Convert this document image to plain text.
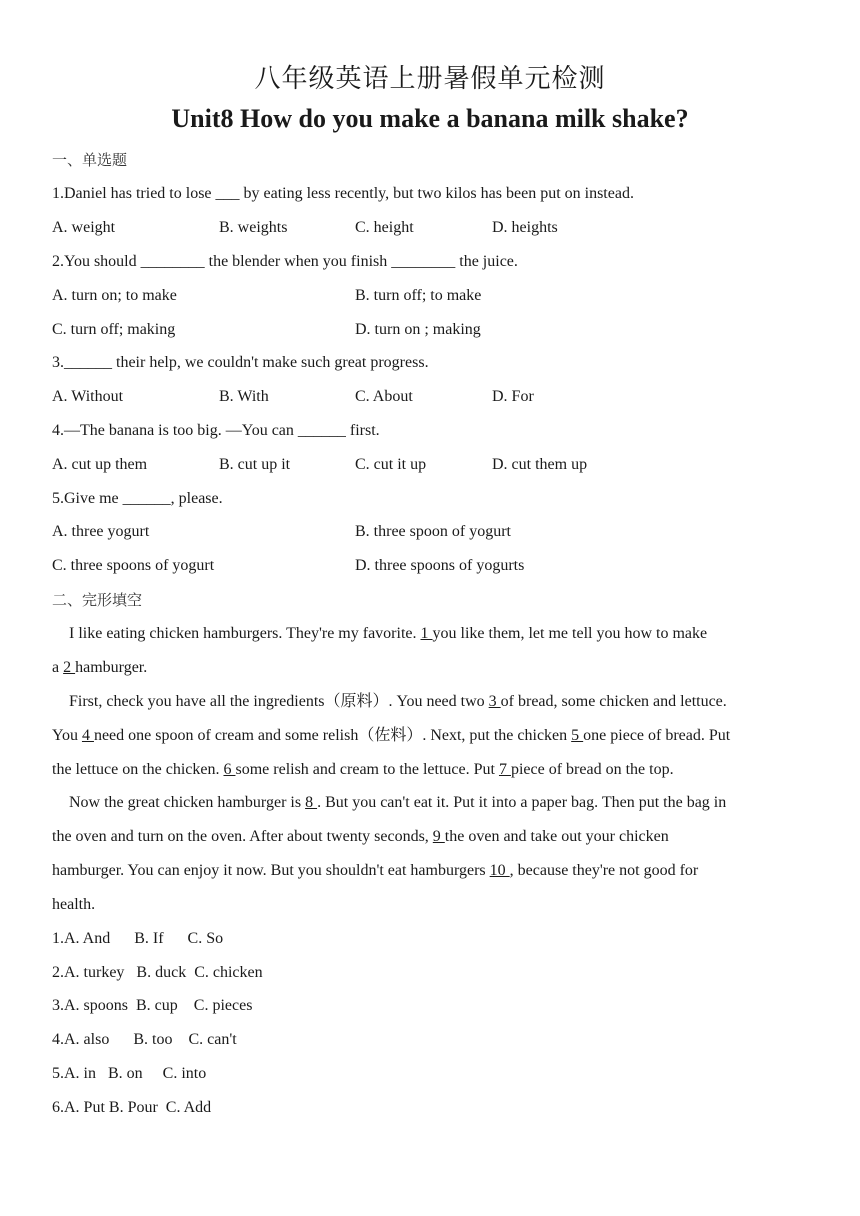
八年级英语上册暑假单元检测
Unit8 How do you make a banana milk shake?
一、单选题
1.Daniel has tried to lose ___ by eating less recently, but two kilos has been put on instead.
A. weight	B. weights	C. height	D. heights
2.You should ________ the blender when you finish ________ the juice.
A. turn on; to make	B. turn off; to make
C. turn off; making	D. turn on ; making
3.______ their help, we couldn't make such great progress.
A. Without	B. With	C. About	D. For
4.—The banana is too big. —You can ______ first.
A. cut up them	B. cut up it	C. cut it up	D. cut them up
5.Give me ______, please.
A. three yogurt	B. three spoon of yogurt
C. three spoons of yogurt	D. three spoons of yogurts
二、完形填空
I like eating chicken hamburgers. They're my favorite. 1 you like them, let me tell you how to make
a 2 hamburger.
First, check you have all the ingredients（原料）. You need two 3 of bread, some chicken and lettuce.
You 4 need one spoon of cream and some relish（佐料）. Next, put the chicken 5 one piece of bread. Put
the lettuce on the chicken. 6 some relish and cream to the lettuce. Put 7 piece of bread on the top.
Now the great chicken hamburger is 8 . But you can't eat it. Put it into a paper bag. Then put the bag in
the oven and turn on the oven. After about twenty seconds, 9 the oven and take out your chicken
hamburger. You can enjoy it now. But you shouldn't eat hamburgers 10 , because they're not good for
health.
1.A. And      B. If      C. So
2.A. turkey   B. duck  C. chicken
3.A. spoons  B. cup    C. pieces
4.A. also      B. too    C. can't
5.A. in   B. on     C. into
6.A. Put B. Pour  C. Add
